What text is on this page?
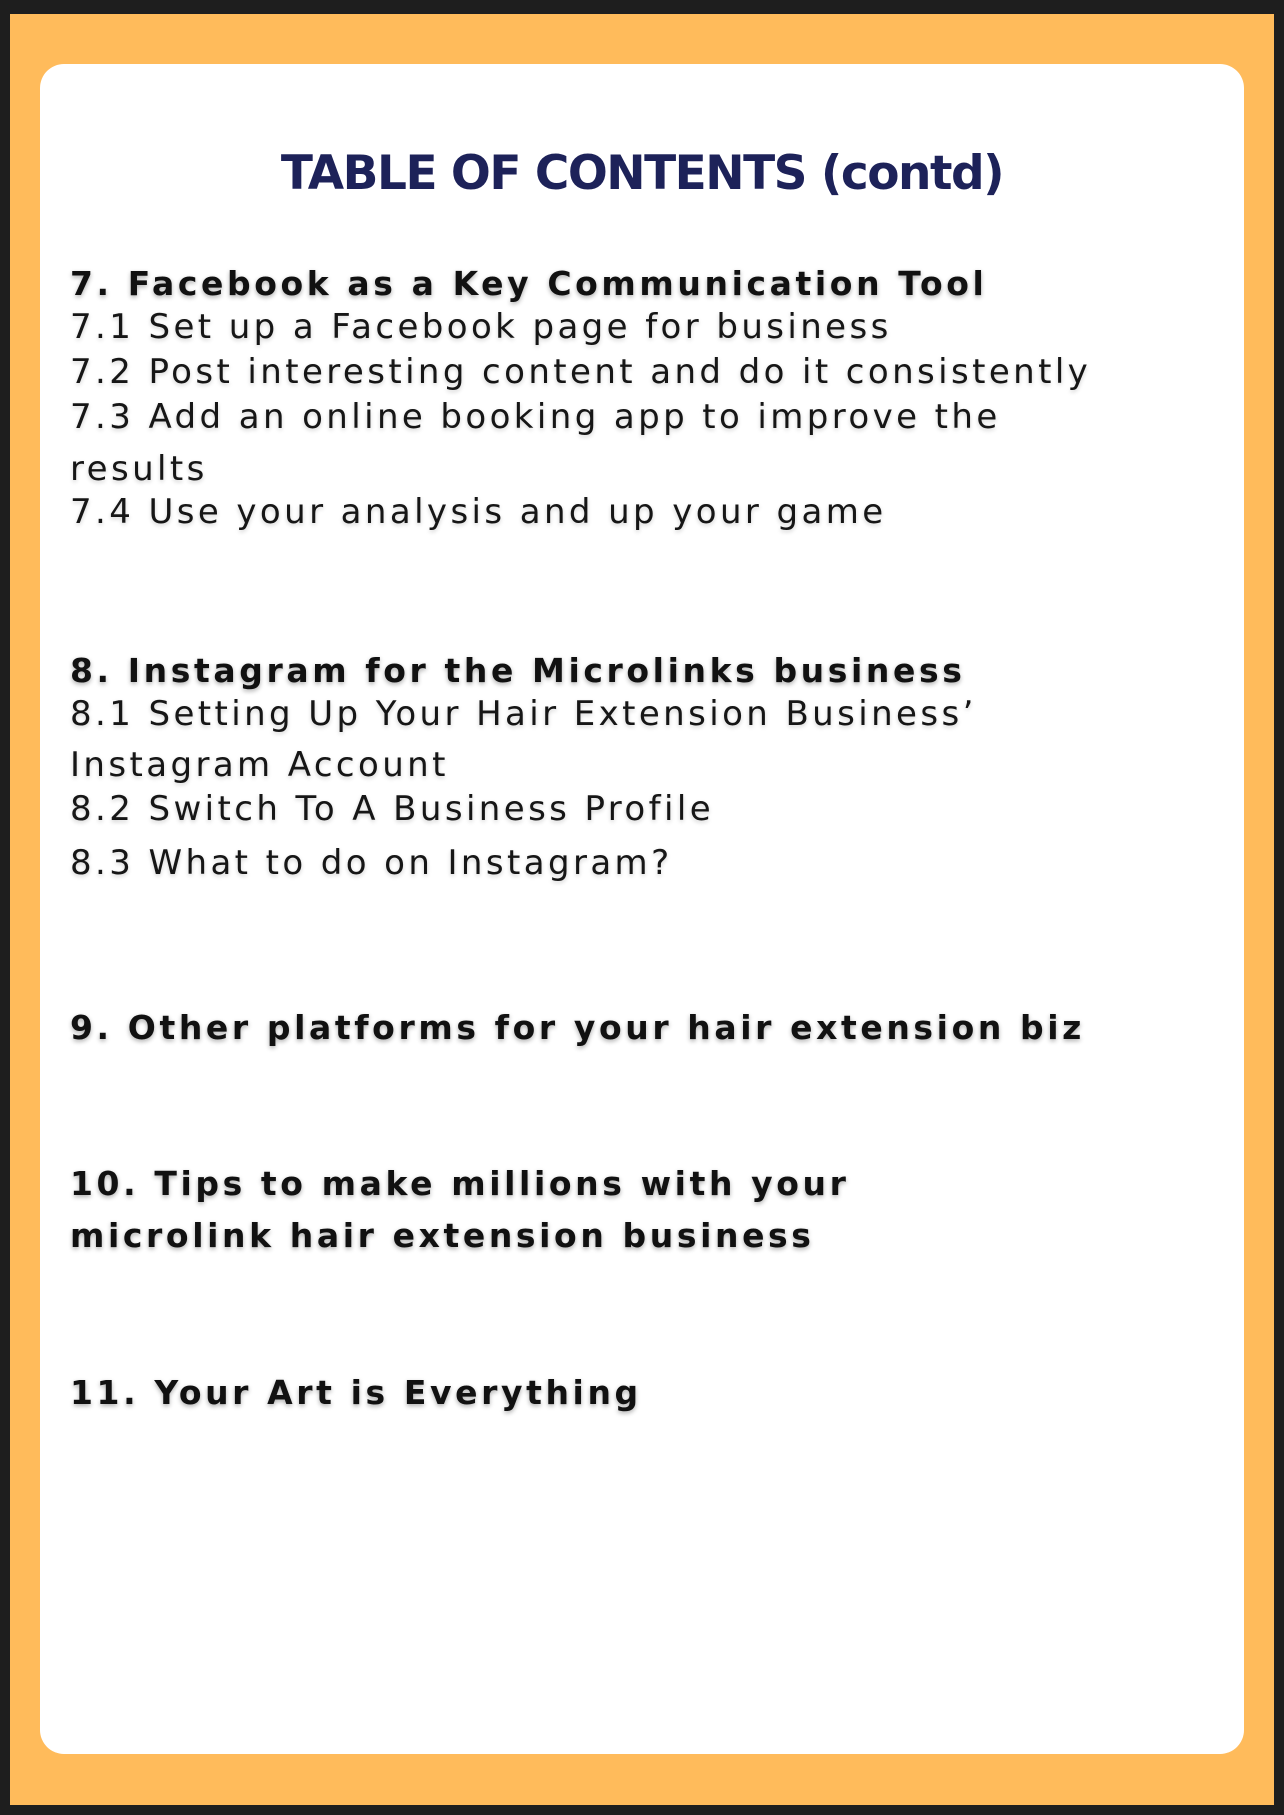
TABLE OF CONTENTS (contd)

7. Facebook as a Key Communication Tool

7.1 Set up a Facebook page for business

7.2 Post interesting content and do it consistently

7.3 Add an online booking app to improve the

results

7.4 Use your analysis and up your game

8. Instagram for the Microlinks business

8.1 Setting Up Your Hair Extension Business’

Instagram Account

8.2 Switch To A Business Profile

8.3 What to do on Instagram?

9. Other platforms for your hair extension biz

10. Tips to make millions with your

microlink hair extension business

11. Your Art is Everything
